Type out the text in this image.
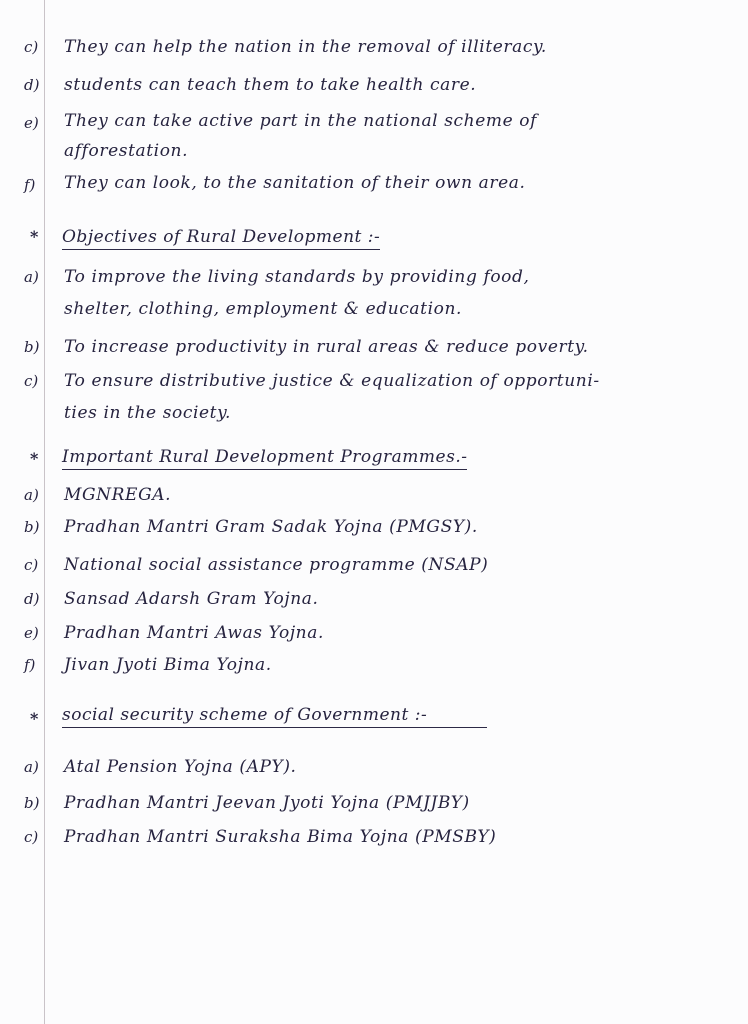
c) They can help the nation in the removal of illiteracy.
d) students can teach them to take health care.
e) They can take active part in the national scheme of
afforestation.
f) They can look, to the sanitation of their own area.
* Objectives of Rural Development :-
a) To improve the living standards by providing food,
shelter, clothing, employment & education.
b) To increase productivity in rural areas & reduce poverty.
c) To ensure distributive justice & equalization of opportuni-
ties in the society.
* Important Rural Development Programmes.-
a) MGNREGA.
b) Pradhan Mantri Gram Sadak Yojna (PMGSY).
c) National social assistance programme (NSAP)
d) Sansad Adarsh Gram Yojna.
e) Pradhan Mantri Awas Yojna.
f) Jivan Jyoti Bima Yojna.
* social security scheme of Government :-
a) Atal Pension Yojna (APY).
b) Pradhan Mantri Jeevan Jyoti Yojna (PMJJBY)
c) Pradhan Mantri Suraksha Bima Yojna (PMSBY)
